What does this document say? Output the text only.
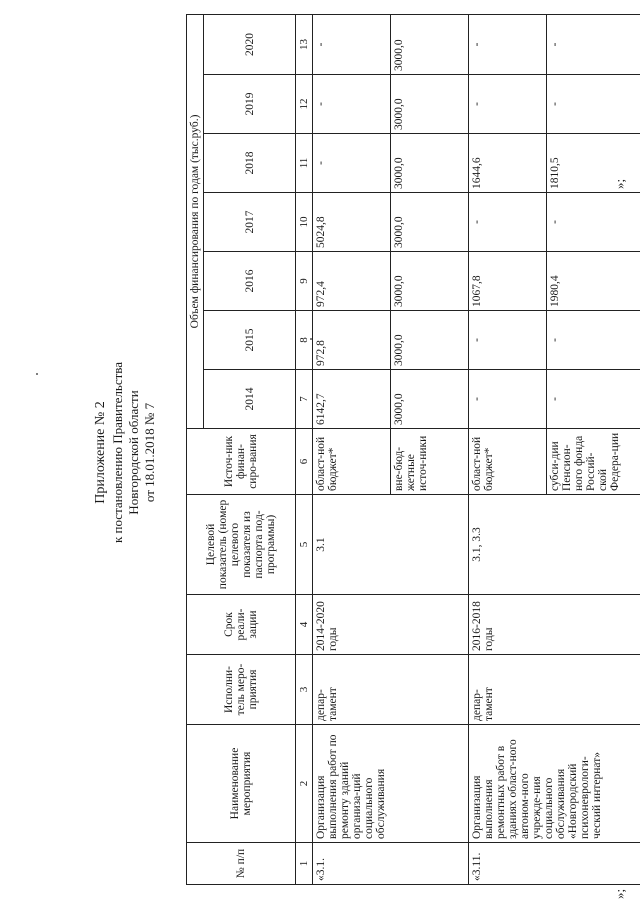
Приложение № 2 к постановлению Правительства Новгородской области от 18.01.2018 № 7
№ п/п	Наименование мероприятия	Исполни-тель меро-приятия	Срок реали-зации	Целевой показатель (номер целевого показателя из паспорта под-программы)	Источ-ник финан-сиро-вания	Объем финансирования по годам (тыс.руб.)						
						2014	2015	2016	2017	2018	2019	2020
1	2	3	4	5	6	7	8	9	10	11	12	13
«3.1.	Организация выполнения работ по ремонту зданий организа-ций социального обслуживания	депар-тамент	2014-2020 годы	3.1	област-ной бюджет*	6142,7	972,8	972,4	5024,8	-	-	-
					вне-бюд-жетные источ-ники	3000,0	3000,0	3000,0	3000,0	3000,0	3000,0	3000,0
«3.11.	Организация выполнения ремонтных работ в зданиях област-ного автоном-ного учрежде-ния социального обслуживания «Новгородский психоневрологи-ческий интернат»	депар-тамент	2016-2018 годы	3.1, 3.3	област-ной бюджет*	-	-	1067,8	-	1644,6	-	-
					субси-дии Пенсион-ного фонда Россий-ской Федера-ции	-	-	1980,4	-	1810,5	-	-
»;
»;
